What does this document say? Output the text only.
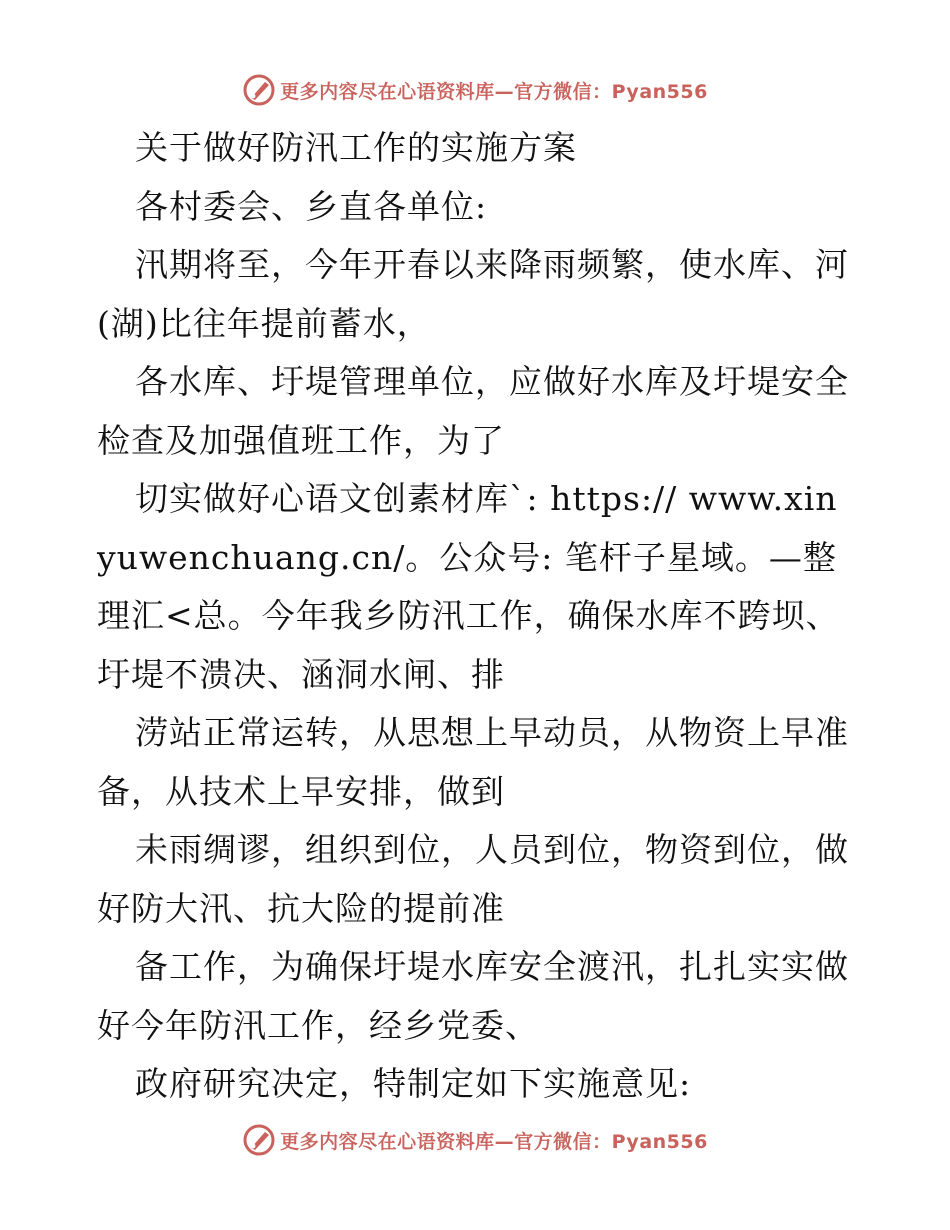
更多内容尽在心语资料库—官方微信：Pyan556

关于做好防汛工作的实施方案

各村委会、乡直各单位:

汛期将至，今年开春以来降雨频繁，使水库、河(湖)比往年提前蓄水，

各水库、圩堤管理单位，应做好水库及圩堤安全检查及加强值班工作，为了

切实做好心语文创素材库`: https:// www.xinyuwenchuang.cn/。公众号: 笔杆子星域。—整理汇<总。今年我乡防汛工作，确保水库不跨坝、圩堤不溃决、涵洞水闸、排

涝站正常运转，从思想上早动员，从物资上早准备，从技术上早安排，做到

未雨绸谬，组织到位，人员到位，物资到位，做好防大汛、抗大险的提前准

备工作，为确保圩堤水库安全渡汛，扎扎实实做好今年防汛工作，经乡党委、

政府研究决定，特制定如下实施意见:

更多内容尽在心语资料库—官方微信：Pyan556
